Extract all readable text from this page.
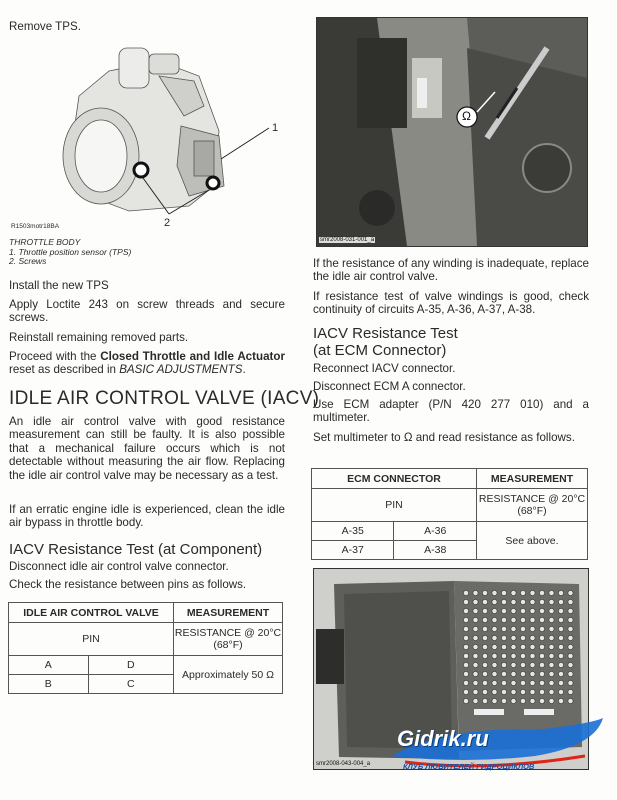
Remove TPS.
1
2
R1503motr18BA
THROTTLE BODY
1. Throttle position sensor (TPS)
2. Screws
Install the new TPS
Apply Loctite 243 on screw threads and secure screws.
Reinstall remaining removed parts.
Proceed with the Closed Throttle and Idle Actuator reset as described in BASIC ADJUSTMENTS.
IDLE AIR CONTROL VALVE (IACV)
An idle air control valve with good resistance measurement can still be faulty. It is also possible that a mechanical failure occurs which is not detectable without measuring the air flow. Replacing the idle air control valve may be necessary as a test.
If an erratic engine idle is experienced, clean the idle air bypass in throttle body.
IACV Resistance Test (at Component)
Disconnect idle air control valve connector.
Check the resistance between pins as follows.
IDLE AIR CONTROL VALVE		MEASUREMENT
PIN		RESISTANCE @ 20°C (68°F)
A	D	Approximately 50 Ω
B	C	
Ω
smr2008-031-001_a
If the resistance of any winding is inadequate, replace the idle air control valve.
If resistance test of valve windings is good, check continuity of circuits A-35, A-36, A-37, A-38.
IACV Resistance Test
(at ECM Connector)
Reconnect IACV connector.
Disconnect ECM A connector.
Use ECM adapter (P/N 420 277 010) and a multimeter.
Set multimeter to Ω and read resistance as follows.
ECM CONNECTOR		MEASUREMENT
PIN		RESISTANCE @ 20°C (68°F)
A-35	A-36	See above.
A-37	A-38	
smr2008-043-004_a
Gidrik.ru
КЛУБ ЛЮБИТЕЛЕЙ ГИДРОЦИКЛОВ
